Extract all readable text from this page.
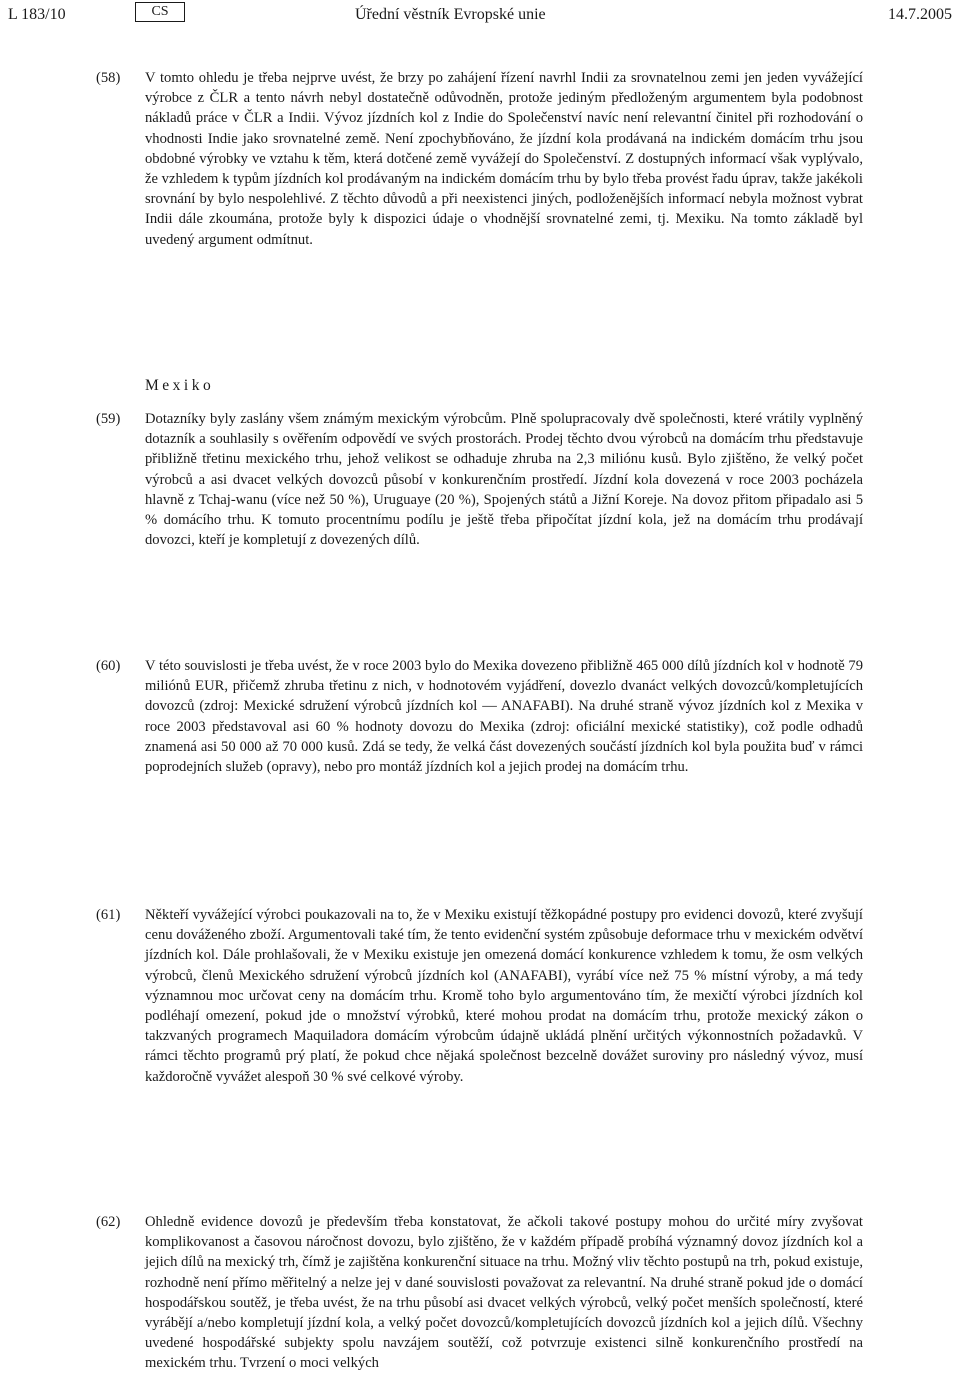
L 183/10	CS	Úřední věstník Evropské unie	14.7.2005
(58)	V tomto ohledu je třeba nejprve uvést, že brzy po zahájení řízení navrhl Indii za srovnatelnou zemi jen jeden vyvážející výrobce z ČLR a tento návrh nebyl dostatečně odůvodněn, protože jediným předloženým argumentem byla podobnost nákladů práce v ČLR a Indii. Vývoz jízdních kol z Indie do Společenství navíc není relevantní činitel při rozhodování o vhodnosti Indie jako srovnatelné země. Není zpochybňováno, že jízdní kola prodávaná na indickém domácím trhu jsou obdobné výrobky ve vztahu k těm, která dotčené země vyvážejí do Společenství. Z dostupných informací však vyplývalo, že vzhledem k typům jízdních kol prodávaným na indickém domácím trhu by bylo třeba provést řadu úprav, takže jakékoli srovnání by bylo nespolehlivé. Z těchto důvodů a při neexistenci jiných, podloženějších informací nebyla možnost vybrat Indii dále zkoumána, protože byly k dispozici údaje o vhodnější srovnatelné zemi, tj. Mexiku. Na tomto základě byl uvedený argument odmítnut.
Mexiko
(59)	Dotazníky byly zaslány všem známým mexickým výrobcům. Plně spolupracovaly dvě společnosti, které vrátily vyplněný dotazník a souhlasily s ověřením odpovědí ve svých prostorách. Prodej těchto dvou výrobců na domácím trhu představuje přibližně třetinu mexického trhu, jehož velikost se odhaduje zhruba na 2,3 miliónu kusů. Bylo zjištěno, že velký počet výrobců a asi dvacet velkých dovozců působí v konkurenčním prostředí. Jízdní kola dovezená v roce 2003 pocházela hlavně z Tchaj-wanu (více než 50 %), Uruguaye (20 %), Spojených států a Jižní Koreje. Na dovoz přitom připadalo asi 5 % domácího trhu. K tomuto procentnímu podílu je ještě třeba připočítat jízdní kola, jež na domácím trhu prodávají dovozci, kteří je kompletují z dovezených dílů.
(60)	V této souvislosti je třeba uvést, že v roce 2003 bylo do Mexika dovezeno přibližně 465 000 dílů jízdních kol v hodnotě 79 miliónů EUR, přičemž zhruba třetinu z nich, v hodnotovém vyjádření, dovezlo dvanáct velkých dovozců/kompletujících dovozců (zdroj: Mexické sdružení výrobců jízdních kol — ANAFABI). Na druhé straně vývoz jízdních kol z Mexika v roce 2003 představoval asi 60 % hodnoty dovozu do Mexika (zdroj: oficiální mexické statistiky), což podle odhadů znamená asi 50 000 až 70 000 kusů. Zdá se tedy, že velká část dovezených součástí jízdních kol byla použita buď v rámci poprodejních služeb (opravy), nebo pro montáž jízdních kol a jejich prodej na domácím trhu.
(61)	Někteří vyvážející výrobci poukazovali na to, že v Mexiku existují těžkopádné postupy pro evidenci dovozů, které zvyšují cenu dováženého zboží. Argumentovali také tím, že tento evidenční systém způsobuje deformace trhu v mexickém odvětví jízdních kol. Dále prohlašovali, že v Mexiku existuje jen omezená domácí konkurence vzhledem k tomu, že osm velkých výrobců, členů Mexického sdružení výrobců jízdních kol (ANAFABI), vyrábí více než 75 % místní výroby, a má tedy významnou moc určovat ceny na domácím trhu. Kromě toho bylo argumentováno tím, že mexičtí výrobci jízdních kol podléhají omezení, pokud jde o množství výrobků, které mohou prodat na domácím trhu, protože mexický zákon o takzvaných programech Maquiladora domácím výrobcům údajně ukládá plnění určitých výkonnostních požadavků. V rámci těchto programů prý platí, že pokud chce nějaká společnost bezcelně dovážet suroviny pro následný vývoz, musí každoročně vyvážet alespoň 30 % své celkové výroby.
(62)	Ohledně evidence dovozů je především třeba konstatovat, že ačkoli takové postupy mohou do určité míry zvyšovat komplikovanost a časovou náročnost dovozu, bylo zjištěno, že v každém případě probíhá významný dovoz jízdních kol a jejich dílů na mexický trh, čímž je zajištěna konkurenční situace na trhu. Možný vliv těchto postupů na trh, pokud existuje, rozhodně není přímo měřitelný a nelze jej v dané souvislosti považovat za relevantní. Na druhé straně pokud jde o domácí hospodářskou soutěž, je třeba uvést, že na trhu působí asi dvacet velkých výrobců, velký počet menších společností, které vyrábějí a/nebo kompletují jízdní kola, a velký počet dovozců/kompletujících dovozců jízdních kol a jejich dílů. Všechny uvedené hospodářské subjekty spolu navzájem soutěží, což potvrzuje existenci silně konkurenčního prostředí na mexickém trhu. Tvrzení o moci velkých
